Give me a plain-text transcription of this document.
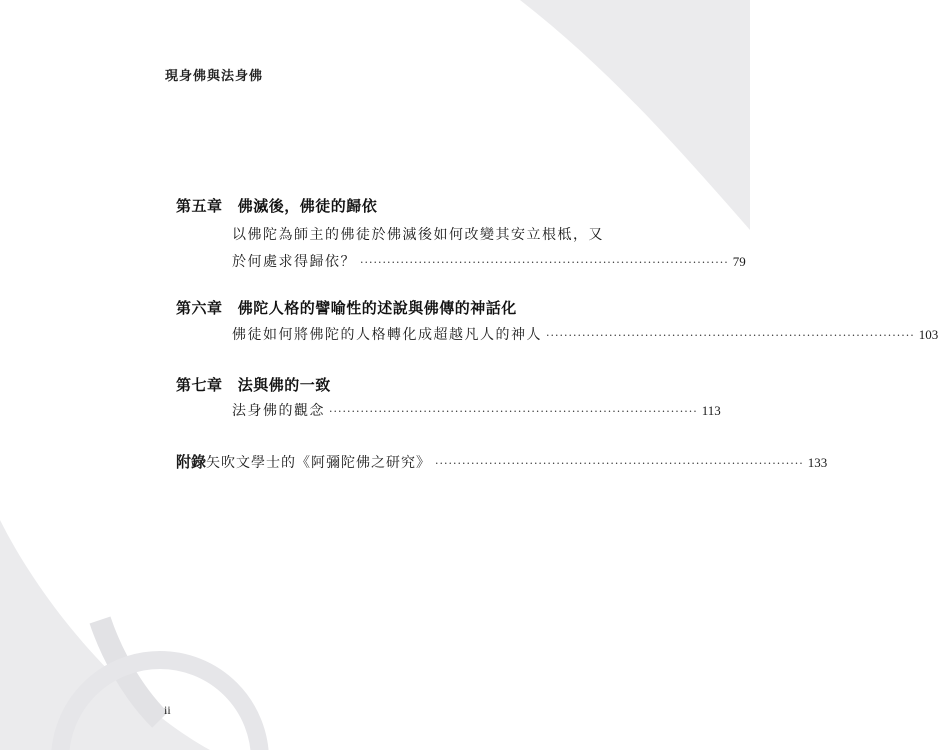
現身佛與法身佛
第五章 佛滅後，佛徒的歸依
以佛陀為師主的佛徒於佛滅後如何改變其安立根柢，又
於何處求得歸依？ ·················································································· 79
第六章 佛陀人格的譬喻性的述說與佛傳的神話化
佛徒如何將佛陀的人格轉化成超越凡人的神人 ·················································································· 103
第七章 法與佛的一致
法身佛的觀念 ·················································································· 113
附錄 矢吹文學士的《阿彌陀佛之研究》 ·················································································· 133
ii
